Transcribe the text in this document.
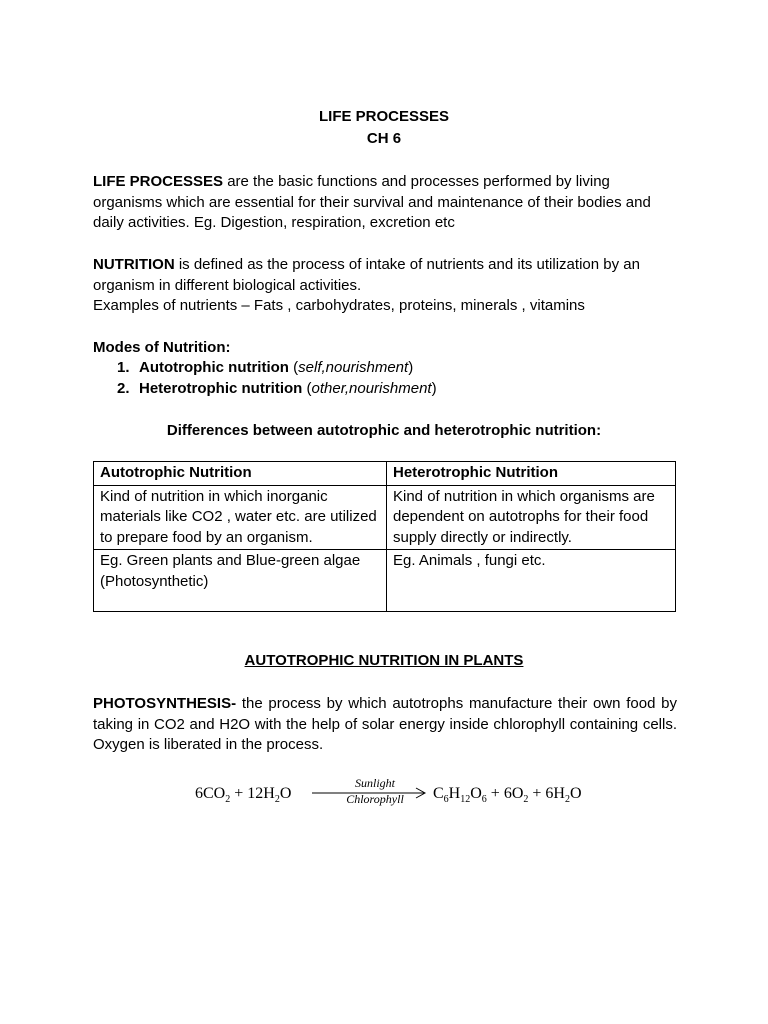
LIFE PROCESSES
CH 6

LIFE PROCESSES are the basic functions and processes performed by living organisms which are essential for their survival and maintenance of their bodies and daily activities. Eg. Digestion, respiration, excretion etc

NUTRITION is defined as the process of intake of nutrients and its utilization by an organism in different biological activities.
Examples of nutrients – Fats , carbohydrates, proteins, minerals , vitamins

Modes of Nutrition:

1. Autotrophic nutrition (self,nourishment)
2. Heterotrophic nutrition (other,nourishment)
Differences between autotrophic and heterotrophic nutrition:
Autotrophic Nutrition	Heterotrophic Nutrition
Kind of nutrition in which inorganic materials like CO2 , water etc. are utilized to prepare food by an organism.	Kind of nutrition in which organisms are dependent on autotrophs for their food supply directly or indirectly.
Eg. Green plants and Blue-green algae (Photosynthetic)	Eg. Animals , fungi etc.
AUTOTROPHIC NUTRITION IN PLANTS

PHOTOSYNTHESIS- the process by which autotrophs manufacture their own food by taking in CO2 and H2O with the help of solar energy inside chlorophyll containing cells. Oxygen is liberated in the process.

$6CO_2 + 12H_2O$
Sunlight
Chlorophyll	$C_6H_{12}O_6 + 6O_2 + 6H_2O$
